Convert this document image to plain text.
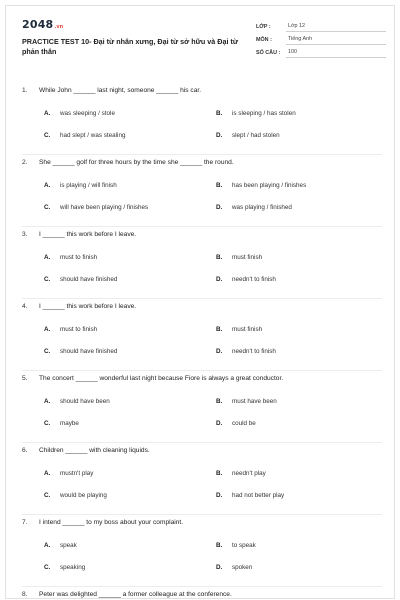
2048 .vn
PRACTICE TEST 10- Đại từ nhân xưng, Đại từ sở hữu và Đại từ phản thân
LỚP :	Lớp 12
MÔN :	Tiếng Anh
SỐ CÂU :	100
1.	While John ______ last night, someone ______ his car.
A.	was sleeping / stole	B.	is sleeping / has stolen
C.	had slept / was stealing	D.	slept / had stolen
2.	She ______ golf for three hours by the time she ______ the round.
A.	is playing / will finish	B.	has been playing / finishes
C.	will have been playing / finishes	D.	was playing / finished
3.	I ______ this work before I leave.
A.	must to finish	B.	must finish
C.	should have finished	D.	needn't to finish
4.	I ______ this work before I leave.
A.	must to finish	B.	must finish
C.	should have finished	D.	needn't to finish
5.	The concert ______ wonderful last night because Fiore is always a great conductor.
A.	should have been	B.	must have been
C.	maybe	D.	could be
6.	Children ______ with cleaning liquids.
A.	mustn't play	B.	needn't play
C.	would be playing	D.	had not better play
7.	I intend ______ to my boss about your complaint.
A.	speak	B.	to speak
C.	speaking	D.	spoken
8.	Peter was delighted ______ a former colleague at the conference.
